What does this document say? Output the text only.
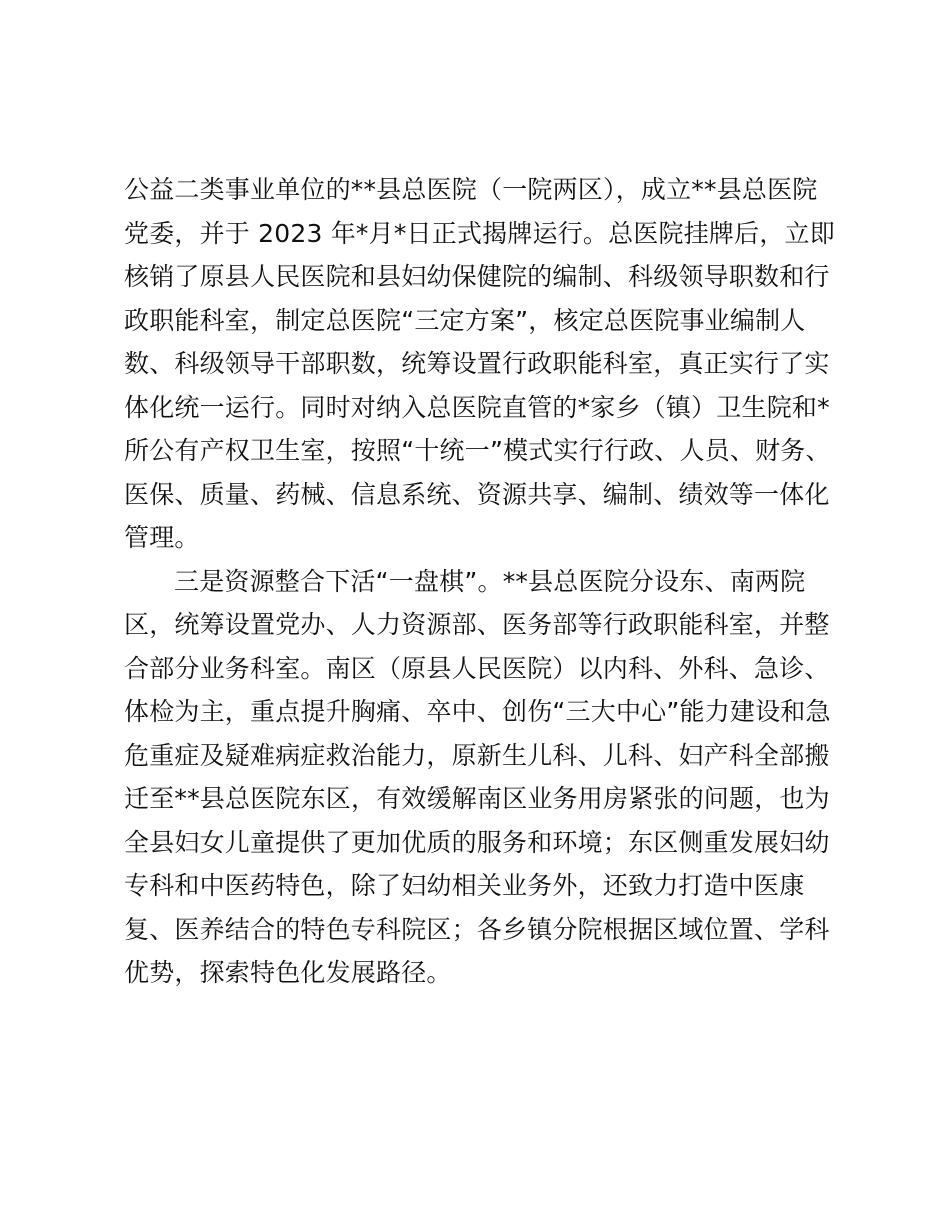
公益二类事业单位的**县总医院（一院两区），成立**县总医院
党委，并于 2023 年*月*日正式揭牌运行。总医院挂牌后，立即
核销了原县人民医院和县妇幼保健院的编制、科级领导职数和行
政职能科室，制定总医院“三定方案”，核定总医院事业编制人
数、科级领导干部职数，统筹设置行政职能科室，真正实行了实
体化统一运行。同时对纳入总医院直管的*家乡（镇）卫生院和*
所公有产权卫生室，按照“十统一”模式实行行政、人员、财务、
医保、质量、药械、信息系统、资源共享、编制、绩效等一体化
管理。
三是资源整合下活“一盘棋”。**县总医院分设东、南两院
区，统筹设置党办、人力资源部、医务部等行政职能科室，并整
合部分业务科室。南区（原县人民医院）以内科、外科、急诊、
体检为主，重点提升胸痛、卒中、创伤“三大中心”能力建设和急
危重症及疑难病症救治能力，原新生儿科、儿科、妇产科全部搬
迁至**县总医院东区，有效缓解南区业务用房紧张的问题，也为
全县妇女儿童提供了更加优质的服务和环境；东区侧重发展妇幼
专科和中医药特色，除了妇幼相关业务外，还致力打造中医康
复、医养结合的特色专科院区；各乡镇分院根据区域位置、学科
优势，探索特色化发展路径。
